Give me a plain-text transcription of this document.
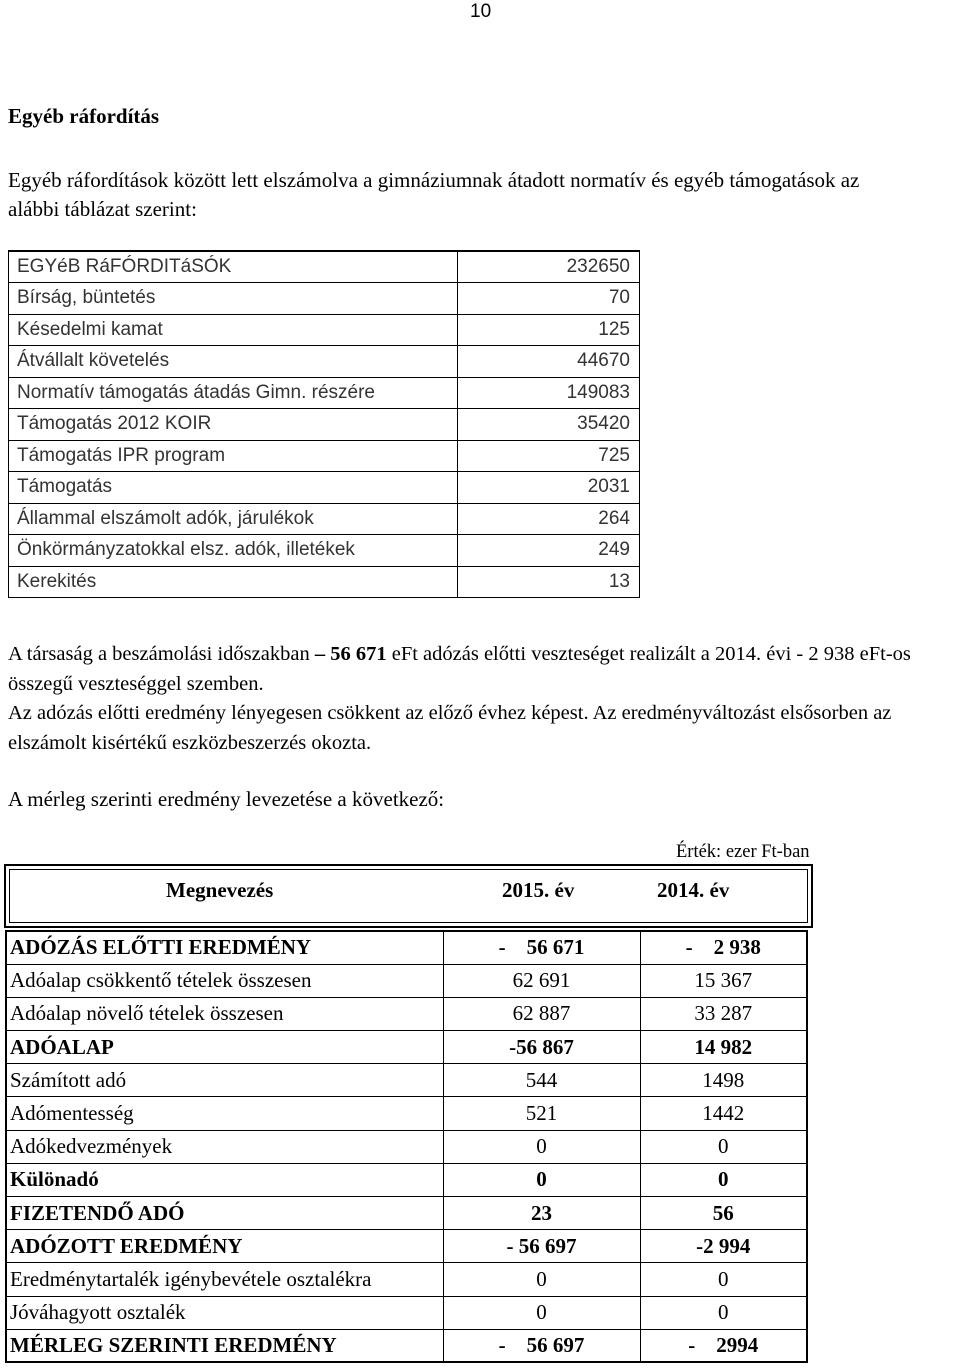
10
Egyéb ráfordítás

Egyéb ráfordítások között lett elszámolva a gimnáziumnak átadott normatív és egyéb támogatások az alábbi táblázat szerint:

EGYéB RáFÓRDITáSÓK	232650
Bírság, büntetés	70
Késedelmi kamat	125
Átvállalt követelés	44670
Normatív támogatás átadás Gimn. részére	149083
Támogatás 2012 KOIR	35420
Támogatás IPR program	725
Támogatás	2031
Állammal elszámolt adók, járulékok	264
Önkörmányzatokkal elsz. adók, illetékek	249
Kerekités	13

A társaság a beszámolási időszakban – 56 671 eFt adózás előtti veszteséget realizált a 2014. évi - 2 938 eFt-os összegű veszteséggel szemben.
Az adózás előtti eredmény lényegesen csökkent az előző évhez képest. Az eredményváltozást elsősorben az elszámolt kisértékű eszközbeszerzés okozta.

A mérleg szerinti eredmény levezetése a következő:

Érték: ezer Ft-ban

Megnevezés	2015. év	2014. év
ADÓZÁS ELŐTTI EREDMÉNY	-    56 671	-    2 938
Adóalap csökkentő tételek összesen	62 691	15 367
Adóalap növelő tételek összesen	62 887	33 287
ADÓALAP	-56 867	14 982
Számított adó	544	1498
Adómentesség	521	1442
Adókedvezmények	0	0
Különadó	0	0
FIZETENDŐ ADÓ	23	56
ADÓZOTT EREDMÉNY	- 56 697	-2 994
Eredménytartalék igénybevétele osztalékra	0	0
Jóváhagyott osztalék	0	0
MÉRLEG SZERINTI EREDMÉNY	-    56 697	-    2994
